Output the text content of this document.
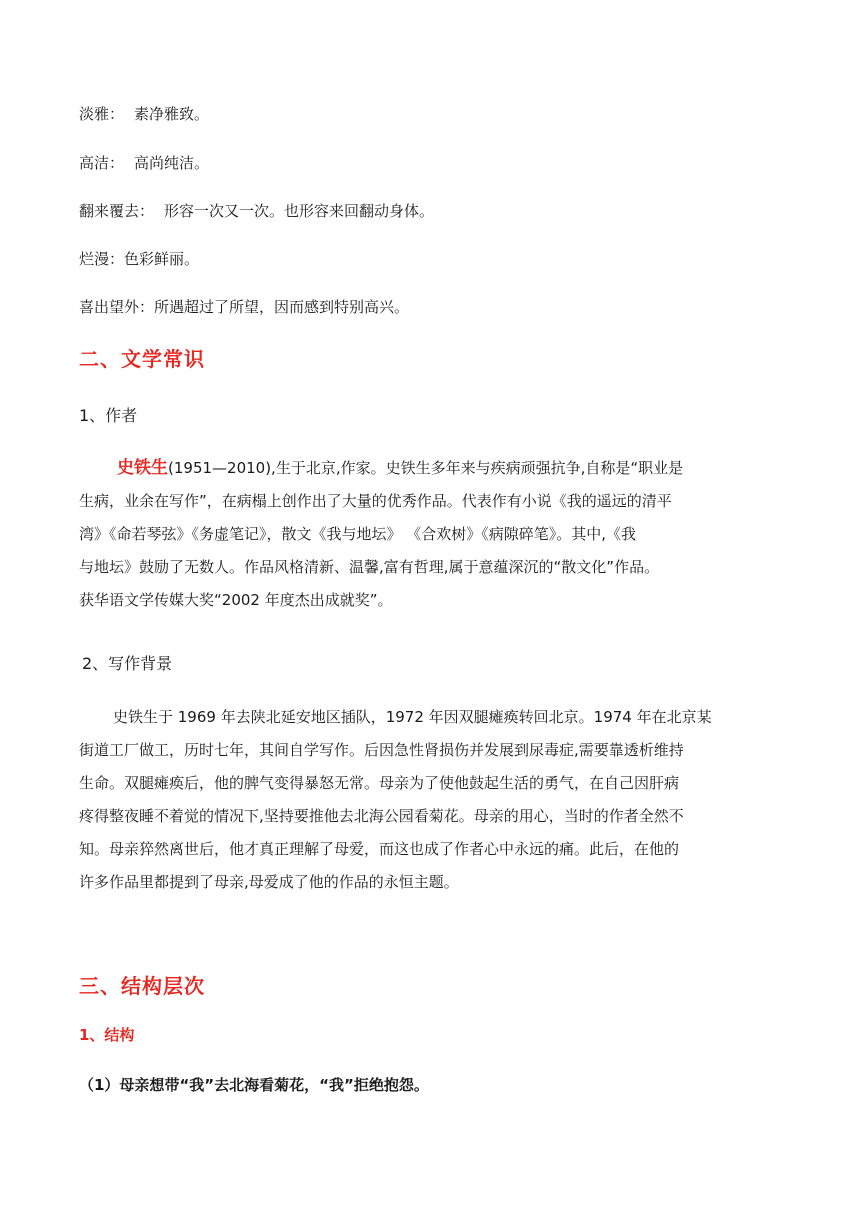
淡雅： 素净雅致。
高洁： 高尚纯洁。
翻来覆去： 形容一次又一次。也形容来回翻动身体。
烂漫：色彩鲜丽。
喜出望外：所遇超过了所望，因而感到特别高兴。
二、文学常识
1、作者

史铁生(1951—2010),生于北京,作家。史铁生多年来与疾病顽强抗争,自称是“职业是

生病，业余在写作”，在病榻上创作出了大量的优秀作品。代表作有小说《我的遥远的清平

湾》《命若琴弦》《务虚笔记》，散文《我与地坛》 《合欢树》《病隙碎笔》。其中,《我

与地坛》鼓励了无数人。作品风格清新、温馨,富有哲理,属于意蕴深沉的“散文化”作品。

获华语文学传媒大奖“2002 年度杰出成就奖”。

2、写作背景

史铁生于 1969 年去陕北延安地区插队，1972 年因双腿瘫痪转回北京。1974 年在北京某

街道工厂做工，历时七年，其间自学写作。后因急性肾损伤并发展到尿毒症,需要靠透析维持

生命。双腿瘫痪后，他的脾气变得暴怒无常。母亲为了使他鼓起生活的勇气，在自己因肝病

疼得整夜睡不着觉的情况下,坚持要推他去北海公园看菊花。母亲的用心，当时的作者全然不

知。母亲猝然离世后，他才真正理解了母爱，而这也成了作者心中永远的痛。此后，在他的

许多作品里都提到了母亲,母爱成了他的作品的永恒主题。

三、结构层次
1、结构
（1）母亲想带“我”去北海看菊花，“我”拒绝抱怨。
